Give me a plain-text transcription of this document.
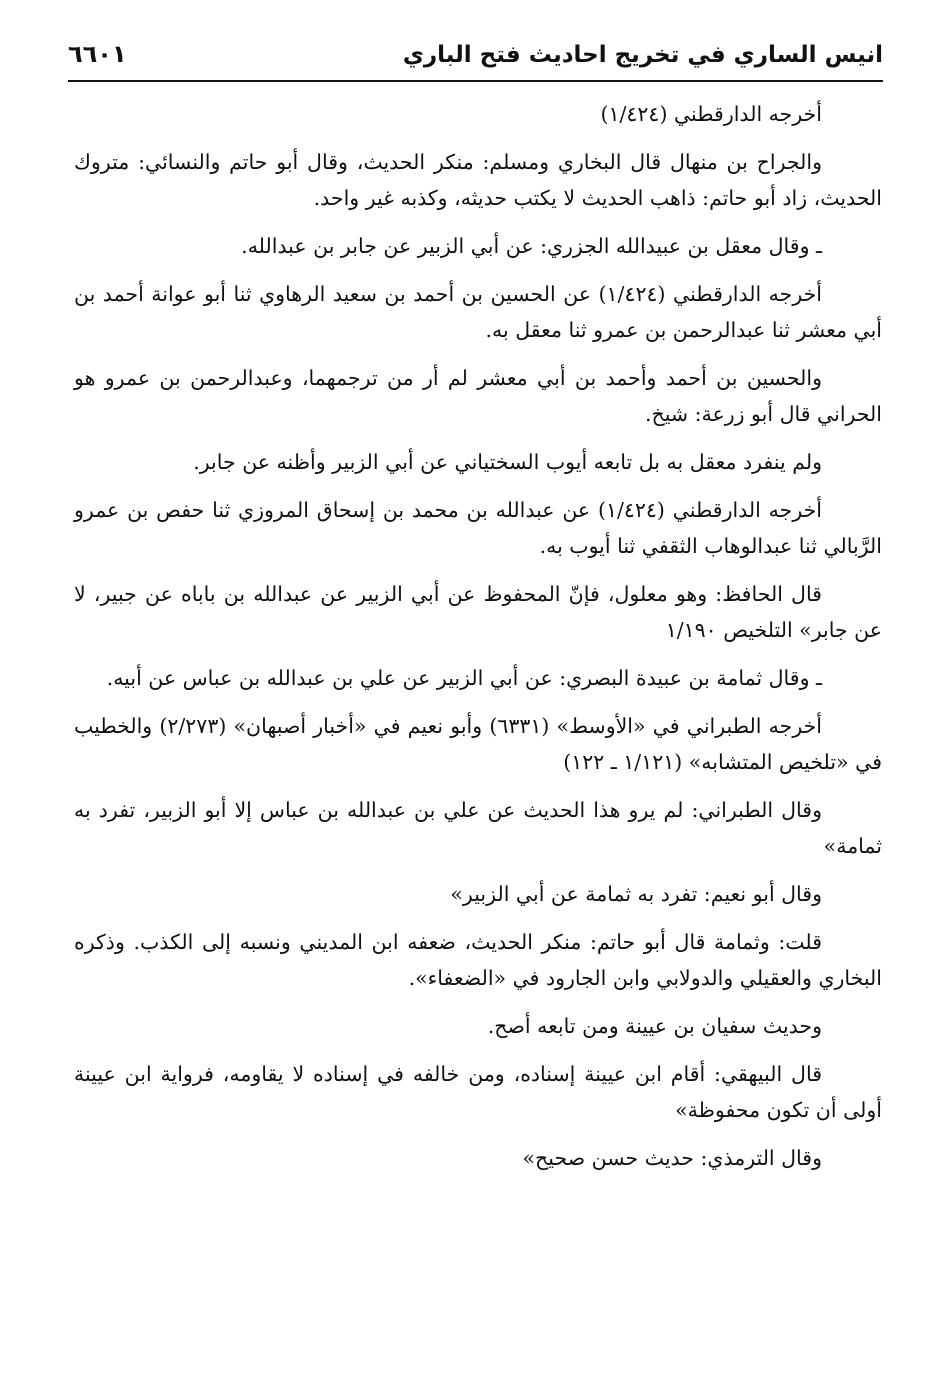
انيس الساري في تخريج احاديث فتح الباري
٦٦٠١

أخرجه الدارقطني (١/٤٢٤)

والجراح بن منهال قال البخاري ومسلم: منكر الحديث، وقال أبو حاتم والنسائي: متروك الحديث، زاد أبو حاتم: ذاهب الحديث لا يكتب حديثه، وكذبه غير واحد.

ـ وقال معقل بن عبيدالله الجزري: عن أبي الزبير عن جابر بن عبدالله.

أخرجه الدارقطني (١/٤٢٤) عن الحسين بن أحمد بن سعيد الرهاوي ثنا أبو عوانة أحمد بن أبي معشر ثنا عبدالرحمن بن عمرو ثنا معقل به.

والحسين بن أحمد وأحمد بن أبي معشر لم أر من ترجمهما، وعبدالرحمن بن عمرو هو الحراني قال أبو زرعة: شيخ.

ولم ينفرد معقل به بل تابعه أيوب السختياني عن أبي الزبير وأظنه عن جابر.

أخرجه الدارقطني (١/٤٢٤) عن عبدالله بن محمد بن إسحاق المروزي ثنا حفص بن عمرو الرَّبالي ثنا عبدالوهاب الثقفي ثنا أيوب به.

قال الحافظ: وهو معلول، فإنّ المحفوظ عن أبي الزبير عن عبدالله بن باباه عن جبير، لا عن جابر» التلخيص ١/١٩٠

ـ وقال ثمامة بن عبيدة البصري: عن أبي الزبير عن علي بن عبدالله بن عباس عن أبيه.

أخرجه الطبراني في «الأوسط» (٦٣٣١) وأبو نعيم في «أخبار أصبهان» (٢/٢٧٣) والخطيب في «تلخيص المتشابه» (١/١٢١ ـ ١٢٢)

وقال الطبراني: لم يرو هذا الحديث عن علي بن عبدالله بن عباس إلا أبو الزبير، تفرد به ثمامة»

وقال أبو نعيم: تفرد به ثمامة عن أبي الزبير»

قلت: وثمامة قال أبو حاتم: منكر الحديث، ضعفه ابن المديني ونسبه إلى الكذب. وذكره البخاري والعقيلي والدولابي وابن الجارود في «الضعفاء».

وحديث سفيان بن عيينة ومن تابعه أصح.

قال البيهقي: أقام ابن عيينة إسناده، ومن خالفه في إسناده لا يقاومه، فرواية ابن عيينة أولى أن تكون محفوظة»

وقال الترمذي: حديث حسن صحيح»
